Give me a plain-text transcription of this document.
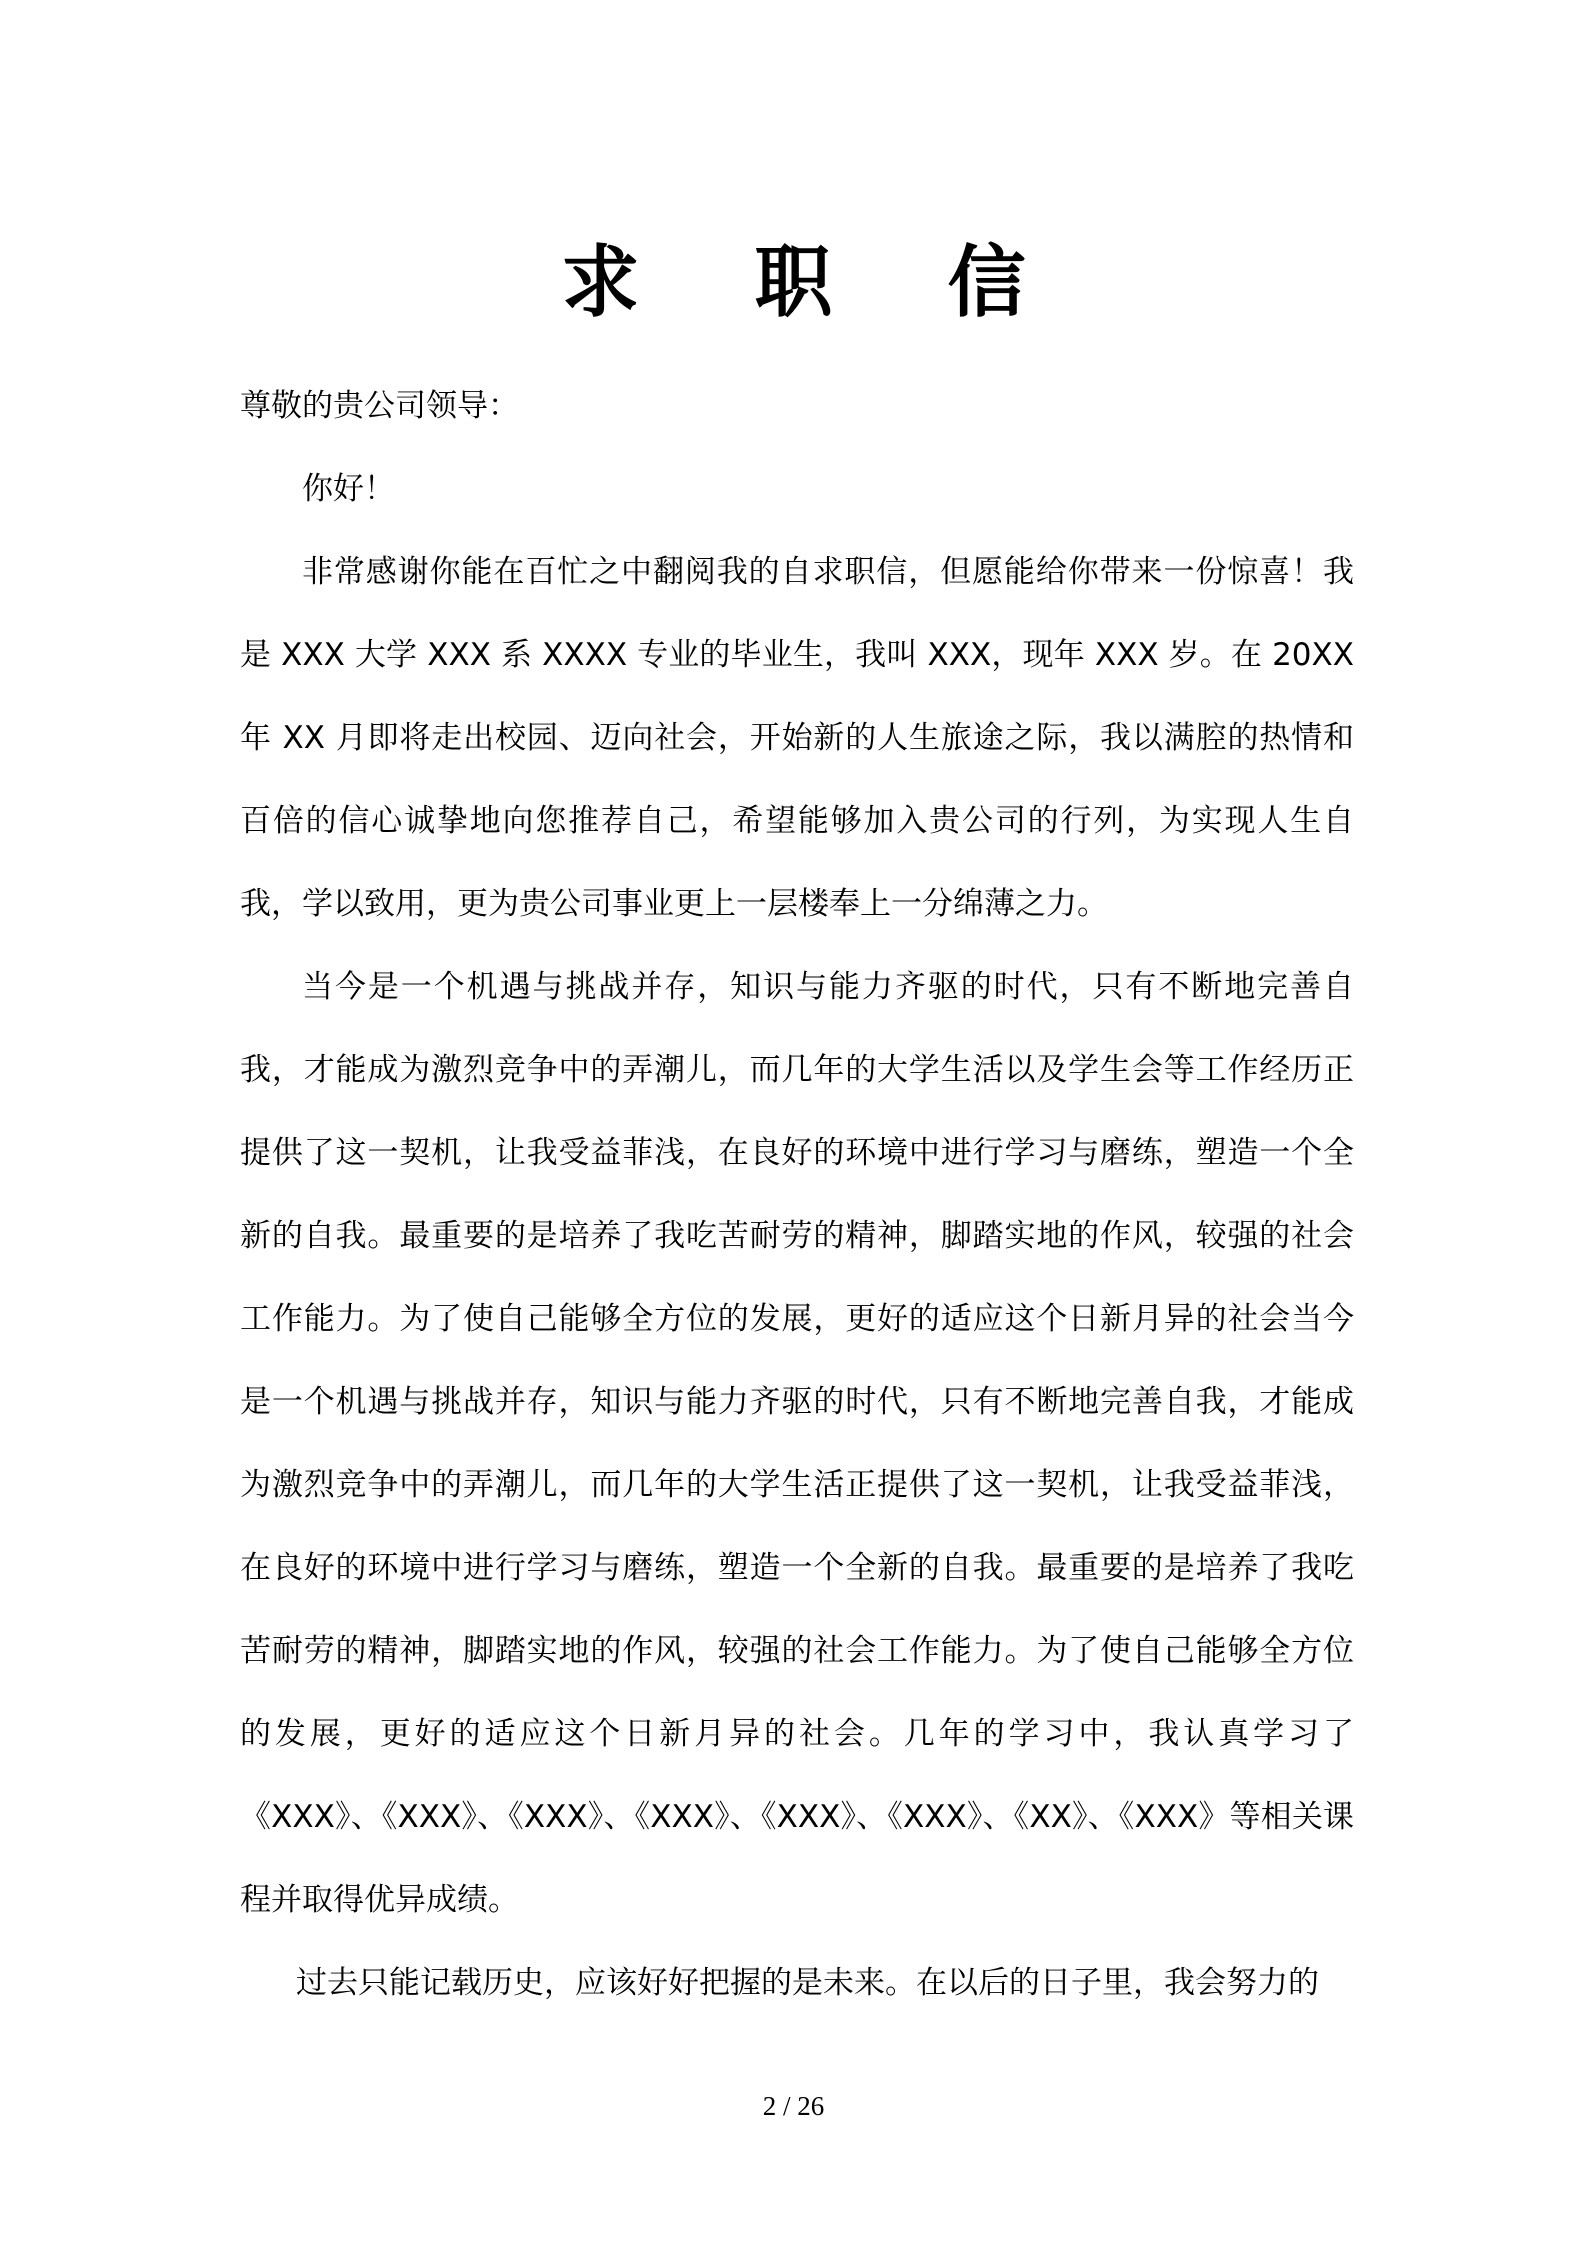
求 职 信

尊敬的贵公司领导：

你好！

非常感谢你能在百忙之中翻阅我的自求职信，但愿能给你带来一份惊喜！我是 XXX 大学 XXX 系 XXXX 专业的毕业生，我叫 XXX，现年 XXX 岁。在 20XX 年 XX 月即将走出校园、迈向社会，开始新的人生旅途之际，我以满腔的热情和百倍的信心诚挚地向您推荐自己，希望能够加入贵公司的行列，为实现人生自我，学以致用，更为贵公司事业更上一层楼奉上一分绵薄之力。

当今是一个机遇与挑战并存，知识与能力齐驱的时代，只有不断地完善自我，才能成为激烈竞争中的弄潮儿，而几年的大学生活以及学生会等工作经历正提供了这一契机，让我受益菲浅，在良好的环境中进行学习与磨练，塑造一个全新的自我。最重要的是培养了我吃苦耐劳的精神，脚踏实地的作风，较强的社会工作能力。为了使自己能够全方位的发展，更好的适应这个日新月异的社会当今是一个机遇与挑战并存，知识与能力齐驱的时代，只有不断地完善自我，才能成为激烈竞争中的弄潮儿，而几年的大学生活正提供了这一契机，让我受益菲浅，在良好的环境中进行学习与磨练，塑造一个全新的自我。最重要的是培养了我吃苦耐劳的精神，脚踏实地的作风，较强的社会工作能力。为了使自己能够全方位的发展，更好的适应这个日新月异的社会。几年的学习中，我认真学习了《XXX》、《XXX》、《XXX》、《XXX》、《XXX》、《XXX》、《XX》、《XXX》等相关课程并取得优异成绩。

过去只能记载历史，应该好好把握的是未来。在以后的日子里，我会努力的

2 / 26
